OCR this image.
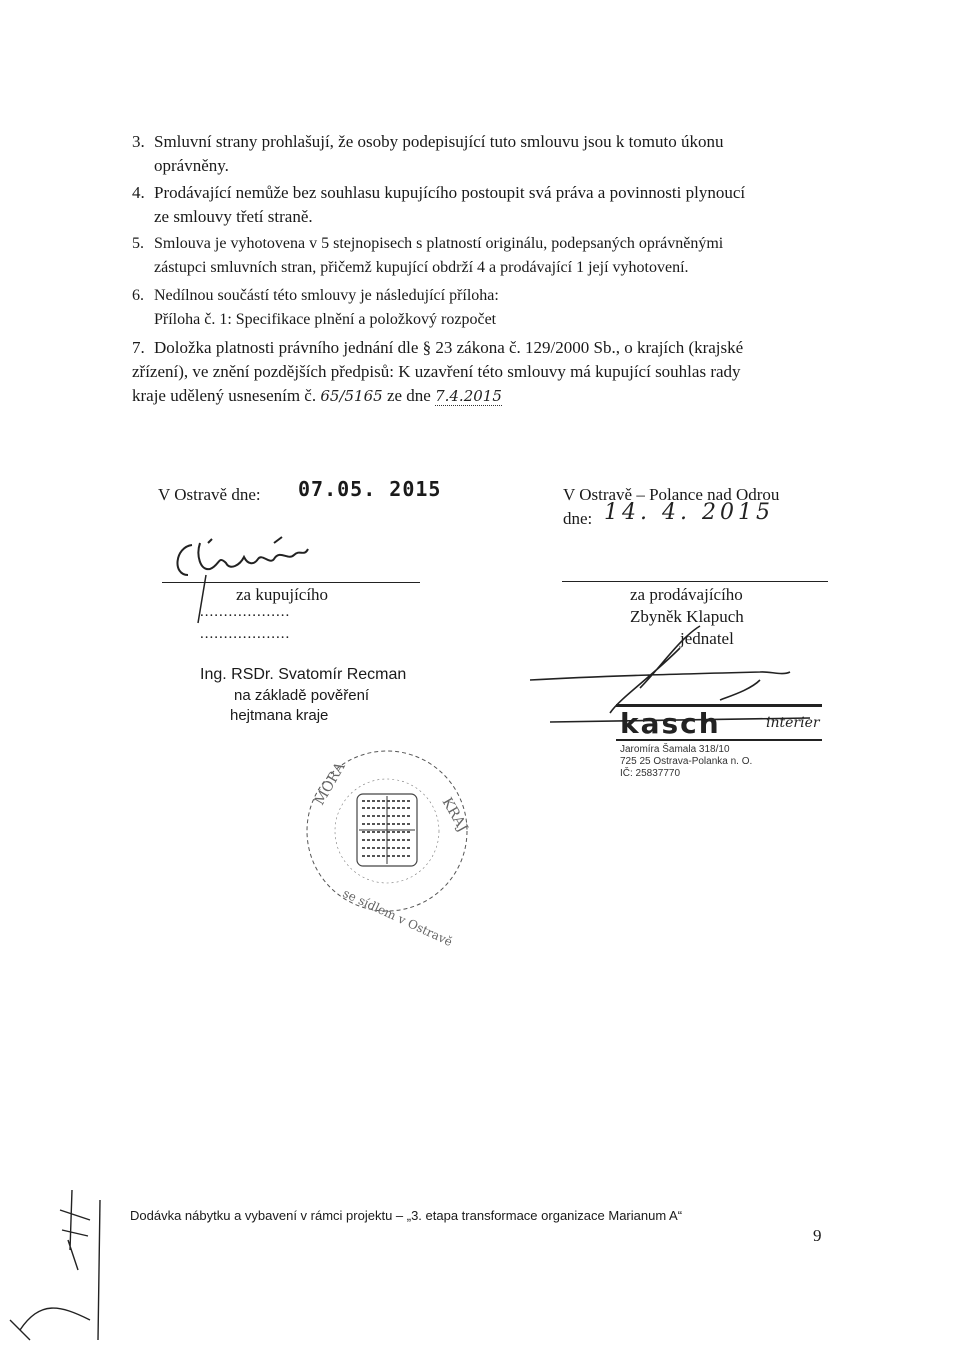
3. Smluvní strany prohlašují, že osoby podepisující tuto smlouvu jsou k tomuto úkonu
oprávněny.
4. Prodávající nemůže bez souhlasu kupujícího postoupit svá práva a povinnosti plynoucí
ze smlouvy třetí straně.
5. Smlouva je vyhotovena v 5 stejnopisech s platností originálu, podepsaných oprávněnými
zástupci smluvních stran, přičemž kupující obdrží 4 a prodávající 1 její vyhotovení.
6. Nedílnou součástí této smlouvy je následující příloha:
Příloha č. 1: Specifikace plnění a položkový rozpočet
7. Doložka platnosti právního jednání dle § 23 zákona č. 129/2000 Sb., o krajích (krajské
zřízení), ve znění pozdějších předpisů: K uzavření této smlouvy má kupující souhlas rady
kraje udělený usnesením č. 65/5165 ze dne 7.4.2015
V Ostravě dne: 07.05. 2015
za kupujícího
...................
...................
Ing. RSDr. Svatomír Recman
na základě pověření
hejtmana kraje
MORA
KRAJ
se sídlem v Ostravě
V Ostravě – Polance nad Odrou
dne: 14. 4. 2015
za prodávajícího
Zbyněk Klapuch
jednatel
kasch	interier
Jaromíra Šamala 318/10
725 25 Ostrava-Polanka n. O.
IČ: 25837770
Dodávka nábytku a vybavení v rámci projektu – „3. etapa transformace organizace Marianum A“
9
